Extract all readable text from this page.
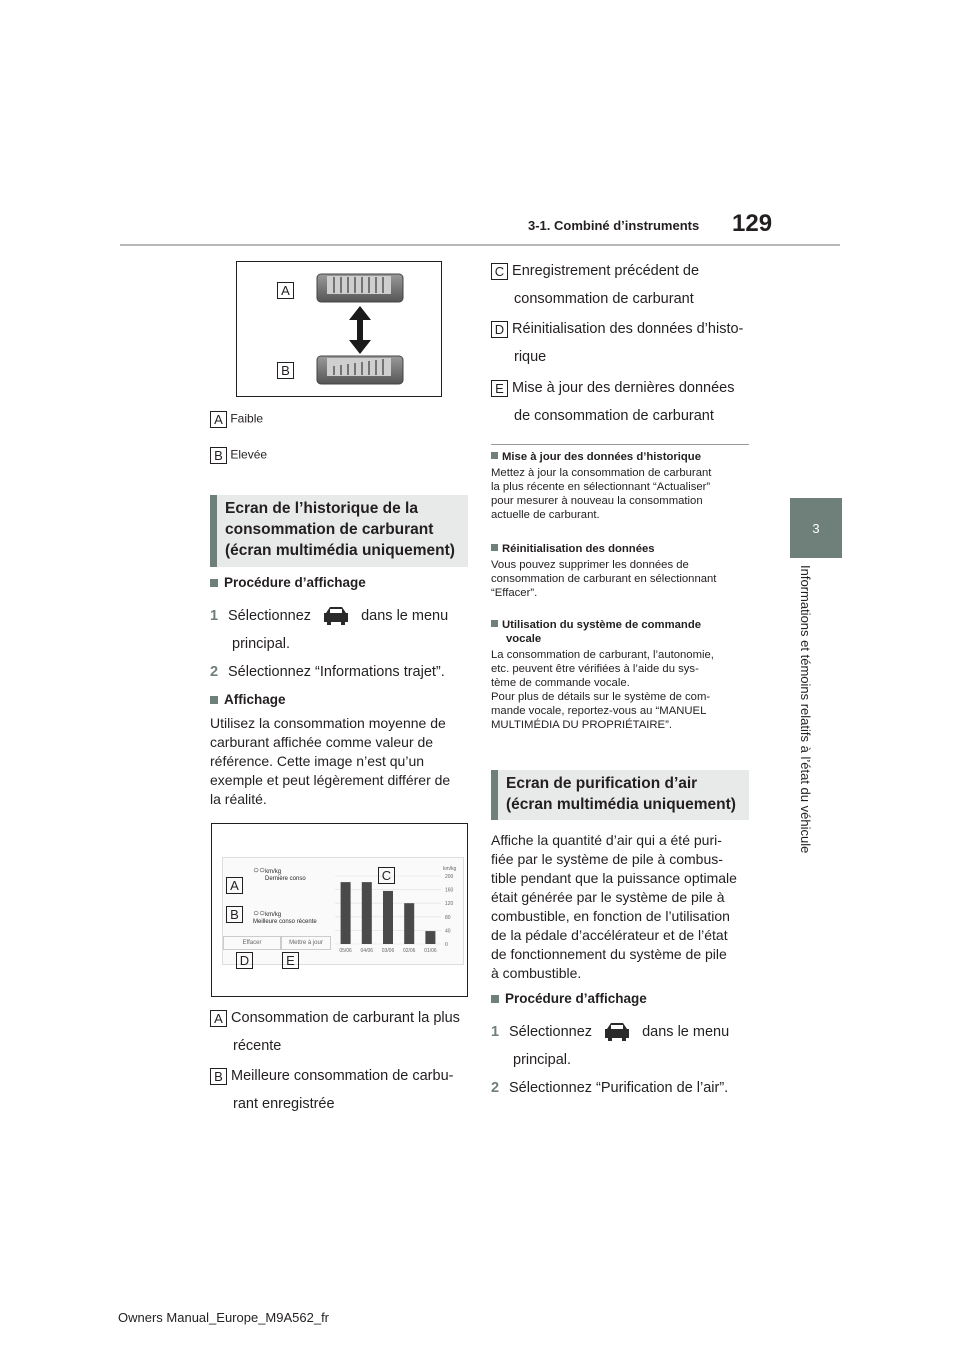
3-1. Combiné d’instruments 129
3
Informations et témoins relatifs à l’état du véhicule
A
B
A Faible
B Elevée
Ecran de l’historique de la
consommation de carburant
(écran multimédia uniquement)
Procédure d’affichage
1 Sélectionnez	dans le menu
principal.
2 Sélectionnez “Informations trajet”.
Affichage
Utilisez la consommation moyenne de
carburant affichée comme valeur de
référence. Cette image n’est qu’un
exemple et peut légèrement différer de
la réalité.
○○km/kg
Dernière conso
○○km/kg
Meilleure conso récente
Effacer	Mettre à jour
05/06 04/06 03/06 02/06 01/06
200
160
120
80
40
0
km/kg
A
B
C
D	E
A Consommation de carburant la plus
récente
B Meilleure consommation de carbu-
rant enregistrée
C Enregistrement précédent de
consommation de carburant
D Réinitialisation des données d’histo-
rique
E Mise à jour des dernières données
de consommation de carburant
Mise à jour des données d’historique
Mettez à jour la consommation de carburant
la plus récente en sélectionnant “Actualiser”
pour mesurer à nouveau la consommation
actuelle de carburant.
Réinitialisation des données
Vous pouvez supprimer les données de
consommation de carburant en sélectionnant
“Effacer”.
Utilisation du système de commande
vocale
La consommation de carburant, l’autonomie,
etc. peuvent être vérifiées à l’aide du sys-
tème de commande vocale.
Pour plus de détails sur le système de com-
mande vocale, reportez-vous au “MANUEL
MULTIMÉDIA DU PROPRIÉTAIRE”.
Ecran de purification d’air
(écran multimédia uniquement)
Affiche la quantité d’air qui a été puri-
fiée par le système de pile à combus-
tible pendant que la puissance optimale
était générée par le système de pile à
combustible, en fonction de l’utilisation
de la pédale d’accélérateur et de l’état
de fonctionnement du système de pile
à combustible.
Procédure d’affichage
1 Sélectionnez	dans le menu
principal.
2 Sélectionnez “Purification de l’air”.
Owners Manual_Europe_M9A562_fr
